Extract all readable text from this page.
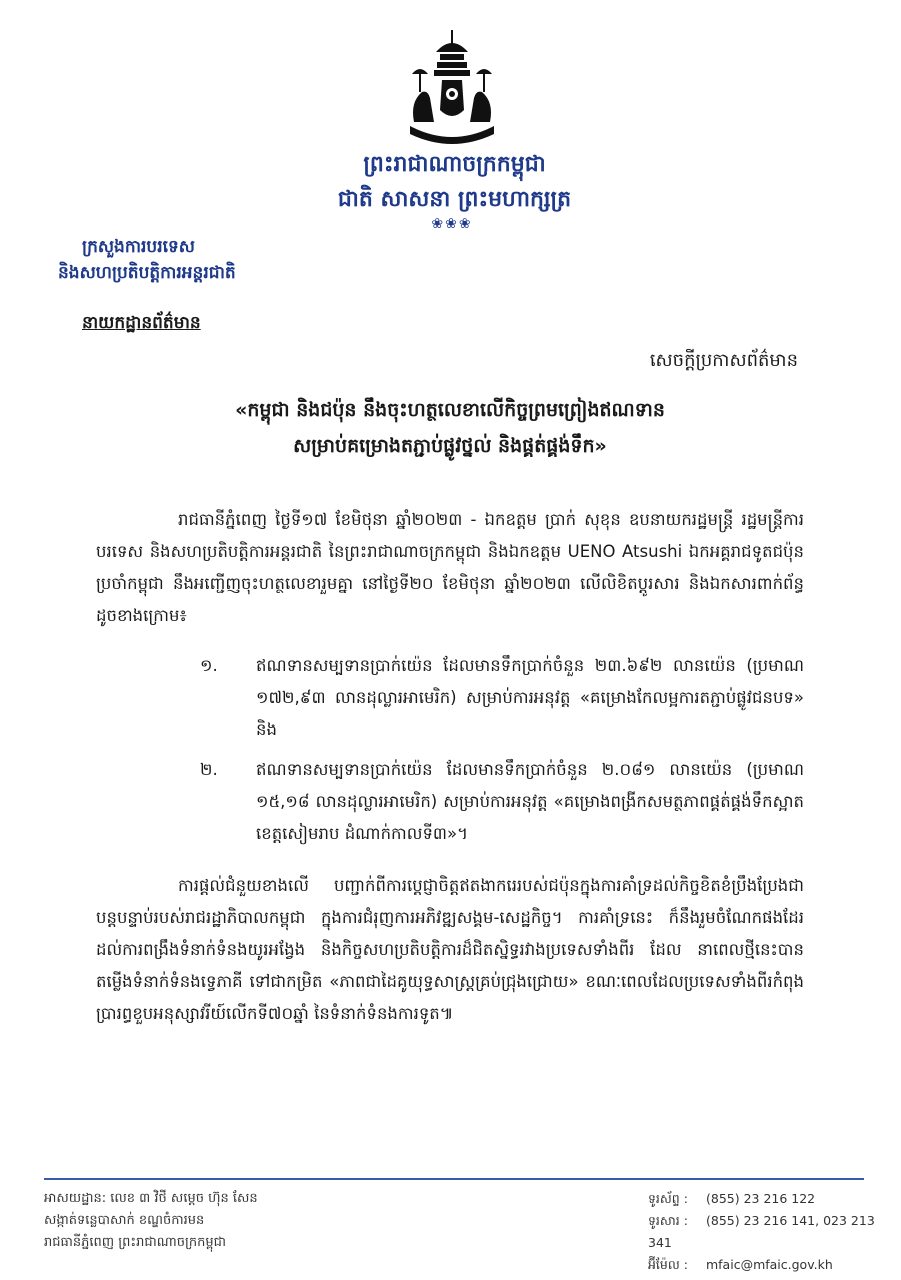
ព្រះរាជាណាចក្រកម្ពុជា
ជាតិ សាសនា ព្រះមហាក្សត្រ
❀❀❀
ក្រសួងការបរទេស
និងសហប្រតិបត្តិការអន្តរជាតិ
នាយកដ្ឋានព័ត៌មាន
សេចក្ដីប្រកាសព័ត៌មាន
«កម្ពុជា និងជប៉ុន នឹងចុះហត្ថលេខាលើកិច្ចព្រមព្រៀងឥណទាន
សម្រាប់គម្រោងតភ្ជាប់ផ្លូវថ្នល់ និងផ្គត់ផ្គង់ទឹក»
រាជធានីភ្នំពេញ ថ្ងៃទី១៧ ខែមិថុនា ឆ្នាំ២០២៣ - ឯកឧត្តម ប្រាក់ សុខុន ឧបនាយករដ្ឋមន្ត្រី រដ្ឋមន្ត្រីការបរទេស និងសហប្រតិបត្តិការអន្តរជាតិ នៃព្រះរាជាណាចក្រកម្ពុជា និងឯកឧត្តម UENO Atsushi ឯកអគ្គរាជទូតជប៉ុនប្រចាំកម្ពុជា នឹងអញ្ជើញចុះហត្ថលេខារួមគ្នា នៅថ្ងៃទី២០ ខែមិថុនា ឆ្នាំ២០២៣ លើលិខិតប្ដូរសារ និងឯកសារពាក់ព័ន្ធ ដូចខាងក្រោម៖
១. ឥណទានសម្បទានប្រាក់យ៉េន ដែលមានទឹកប្រាក់ចំនួន ២៣.៦៩២ លានយ៉េន (ប្រមាណ ១៧២,៩៣ លានដុល្លារអាមេរិក) សម្រាប់ការអនុវត្ត «គម្រោងកែលម្អការតភ្ជាប់ផ្លូវជនបទ» និង
២. ឥណទានសម្បទានប្រាក់យ៉េន ដែលមានទឹកប្រាក់ចំនួន ២.០៨១ លានយ៉េន (ប្រមាណ ១៥,១៨ លានដុល្លារអាមេរិក) សម្រាប់ការអនុវត្ត «គម្រោងពង្រីកសមត្ថភាពផ្គត់ផ្គង់ទឹកស្អាតខេត្តសៀមរាប ដំណាក់កាលទី៣»។
ការផ្ដល់ជំនួយខាងលើ បញ្ជាក់ពីការប្ដេជ្ញាចិត្តឥតងាករេរបស់ជប៉ុនក្នុងការគាំទ្រដល់កិច្ចខិតខំប្រឹងប្រែងជាបន្តបន្ទាប់របស់រាជរដ្ឋាភិបាលកម្ពុជា ក្នុងការជំរុញការអភិវឌ្ឍសង្គម-សេដ្ឋកិច្ច។ ការគាំទ្រនេះ ក៏នឹងរួមចំណែកផងដែរ ដល់ការពង្រឹងទំនាក់ទំនងយូរអង្វែង និងកិច្ចសហប្រតិបត្តិការដ៏ជិតស្និទ្ធរវាងប្រទេសទាំងពីរ ដែល នាពេលថ្មីនេះបានតម្លើងទំនាក់ទំនងទ្វេភាគី ទៅជាកម្រិត «ភាពជាដៃគូយុទ្ធសាស្ត្រគ្រប់ជ្រុងជ្រោយ» ខណៈពេលដែលប្រទេសទាំងពីរកំពុងប្រារព្ធខួបអនុស្សាវរីយ៍លើកទី៧០ឆ្នាំ នៃទំនាក់ទំនងការទូត៕
អាសយដ្ឋាន: លេខ ៣ វិថី សម្ដេច ហ៊ុន សែន
សង្កាត់ទន្លេបាសាក់ ខណ្ឌចំការមន
រាជធានីភ្នំពេញ ព្រះរាជាណាចក្រកម្ពុជា
ទូរស័ព្ទ : (855) 23 216 122
ទូរសារ : (855) 23 216 141, 023 213 341
អ៊ីម៉ែល : mfaic@mfaic.gov.kh
